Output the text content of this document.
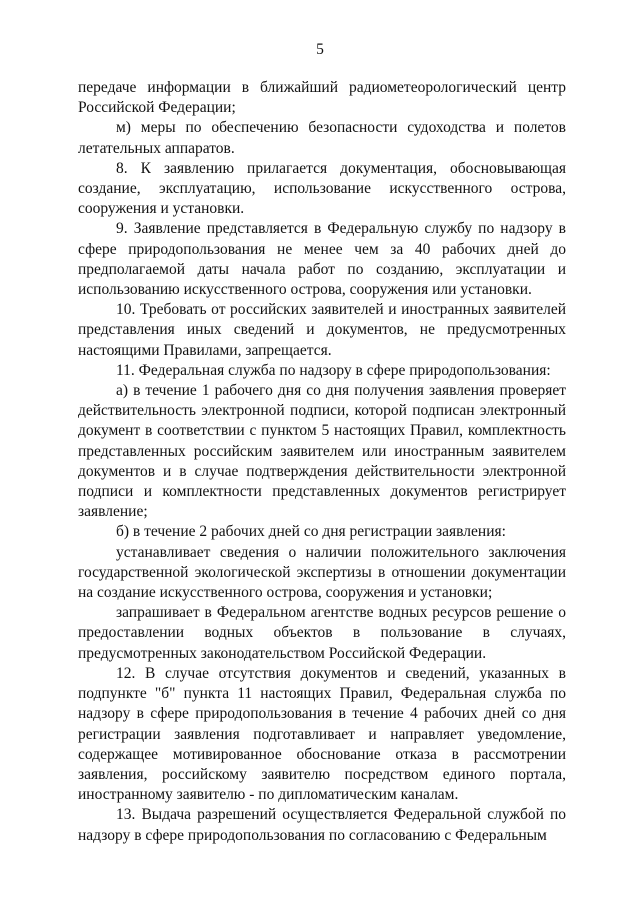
5

передаче информации в ближайший радиометеорологический центр Российской Федерации;

м) меры по обеспечению безопасности судоходства и полетов летательных аппаратов.

8. К заявлению прилагается документация, обосновывающая создание, эксплуатацию, использование искусственного острова, сооружения и установки.

9. Заявление представляется в Федеральную службу по надзору в сфере природопользования не менее чем за 40 рабочих дней до предполагаемой даты начала работ по созданию, эксплуатации и использованию искусственного острова, сооружения или установки.

10. Требовать от российских заявителей и иностранных заявителей представления иных сведений и документов, не предусмотренных настоящими Правилами, запрещается.

11. Федеральная служба по надзору в сфере природопользования:

а) в течение 1 рабочего дня со дня получения заявления проверяет действительность электронной подписи, которой подписан электронный документ в соответствии с пунктом 5 настоящих Правил, комплектность представленных российским заявителем или иностранным заявителем документов и в случае подтверждения действительности электронной подписи и комплектности представленных документов регистрирует заявление;

б) в течение 2 рабочих дней со дня регистрации заявления:

устанавливает сведения о наличии положительного заключения государственной экологической экспертизы в отношении документации на создание искусственного острова, сооружения и установки;

запрашивает в Федеральном агентстве водных ресурсов решение о предоставлении водных объектов в пользование в случаях, предусмотренных законодательством Российской Федерации.

12. В случае отсутствия документов и сведений, указанных в подпункте "б" пункта 11 настоящих Правил, Федеральная служба по надзору в сфере природопользования в течение 4 рабочих дней со дня регистрации заявления подготавливает и направляет уведомление, содержащее мотивированное обоснование отказа в рассмотрении заявления, российскому заявителю посредством единого портала, иностранному заявителю - по дипломатическим каналам.

13. Выдача разрешений осуществляется Федеральной службой по надзору в сфере природопользования по согласованию с Федеральным
